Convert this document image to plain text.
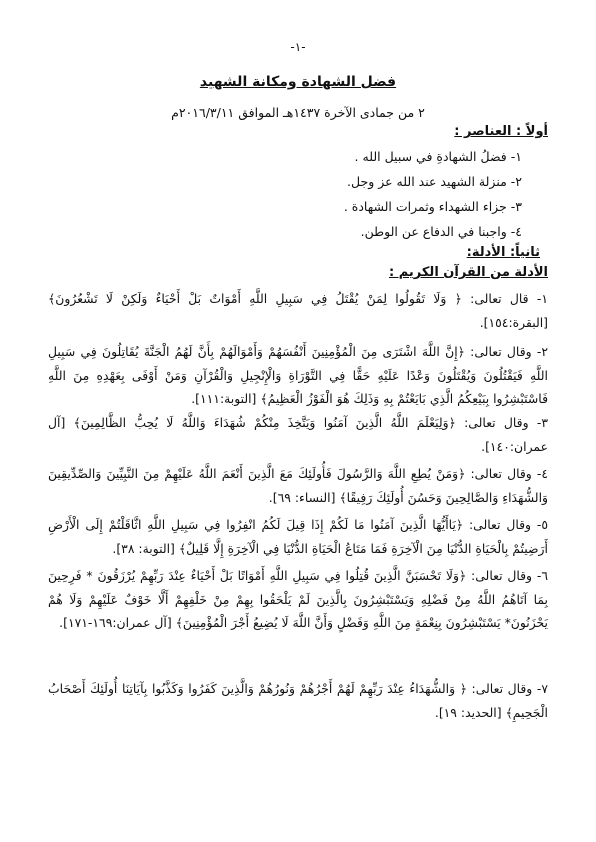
-١-
فضل الشهادة ومكانة الشهيد
٢ من جمادى الآخرة ١٤٣٧هـ الموافق ٢٠١٦/٣/١١م
أولاً : العناصر :
١- فضلُ الشهادةِ في سبيل الله .
٢- منزلة الشهيد عند الله عز وجل.
٣- جزاء الشهداء وثمرات الشهادة .
٤- واجبنا في الدفاع عن الوطن.
ثانياً: الأدلة:
الأدلة من القرآن الكريم :
١- قال تعالى: ﴿ وَلَا تَقُولُوا لِمَنْ يُقْتَلُ فِي سَبِيلِ اللَّهِ أَمْوَاتٌ بَلْ أَحْيَاءٌ وَلَكِنْ لَا تَشْعُرُونَ﴾ [البقرة:١٥٤].
٢- وقال تعالى: ﴿إِنَّ اللَّهَ اشْتَرَى مِنَ الْمُؤْمِنِينَ أَنْفُسَهُمْ وَأَمْوَالَهُمْ بِأَنَّ لَهُمُ الْجَنَّةَ يُقَاتِلُونَ فِي سَبِيلِ اللَّهِ فَيَقْتُلُونَ وَيُقْتَلُونَ وَعْدًا عَلَيْهِ حَقًّا فِي التَّوْرَاةِ وَالْإِنْجِيلِ وَالْقُرْآنِ وَمَنْ أَوْفَى بِعَهْدِهِ مِنَ اللَّهِ فَاسْتَبْشِرُوا بِبَيْعِكُمُ الَّذِي بَايَعْتُمْ بِهِ وَذَلِكَ هُوَ الْفَوْزُ الْعَظِيمُ﴾ [التوبة:١١١].
٣- وقال تعالى: ﴿وَلِيَعْلَمَ اللَّهُ الَّذِينَ آمَنُوا وَيَتَّخِذَ مِنْكُمْ شُهَدَاءَ وَاللَّهُ لَا يُحِبُّ الظَّالِمِينَ﴾ [آل عمران:١٤٠].
٤- وقال تعالى: ﴿وَمَنْ يُطِعِ اللَّهَ وَالرَّسُولَ فَأُولَئِكَ مَعَ الَّذِينَ أَنْعَمَ اللَّهُ عَلَيْهِمْ مِنَ النَّبِيِّينَ وَالصِّدِّيقِينَ وَالشُّهَدَاءِ وَالصَّالِحِينَ وَحَسُنَ أُولَئِكَ رَفِيقًا﴾ [النساء: ٦٩].
٥- وقال تعالى: ﴿يَاأَيُّهَا الَّذِينَ آمَنُوا مَا لَكُمْ إِذَا قِيلَ لَكُمُ انْفِرُوا فِي سَبِيلِ اللَّهِ اثَّاقَلْتُمْ إِلَى الْأَرْضِ أَرَضِيتُمْ بِالْحَيَاةِ الدُّنْيَا مِنَ الْآخِرَةِ فَمَا مَتَاعُ الْحَيَاةِ الدُّنْيَا فِي الْآخِرَةِ إِلَّا قَلِيلٌ﴾ [التوبة: ٣٨].
٦- وقال تعالى: ﴿وَلَا تَحْسَبَنَّ الَّذِينَ قُتِلُوا فِي سَبِيلِ اللَّهِ أَمْوَاتًا بَلْ أَحْيَاءٌ عِنْدَ رَبِّهِمْ يُرْزَقُونَ * فَرِحِينَ بِمَا آتَاهُمُ اللَّهُ مِنْ فَضْلِهِ وَيَسْتَبْشِرُونَ بِالَّذِينَ لَمْ يَلْحَقُوا بِهِمْ مِنْ خَلْفِهِمْ أَلَّا خَوْفٌ عَلَيْهِمْ وَلَا هُمْ يَحْزَنُونَ* يَسْتَبْشِرُونَ بِنِعْمَةٍ مِنَ اللَّهِ وَفَضْلٍ وَأَنَّ اللَّهَ لَا يُضِيعُ أَجْرَ الْمُؤْمِنِينَ﴾ [آل عمران:١٦٩-١٧١].
٧- وقال تعالى: ﴿ وَالشُّهَدَاءُ عِنْدَ رَبِّهِمْ لَهُمْ أَجْرُهُمْ وَنُورُهُمْ وَالَّذِينَ كَفَرُوا وَكَذَّبُوا بِآيَاتِنَا أُولَئِكَ أَصْحَابُ الْجَحِيمِ﴾ [الحديد: ١٩].
